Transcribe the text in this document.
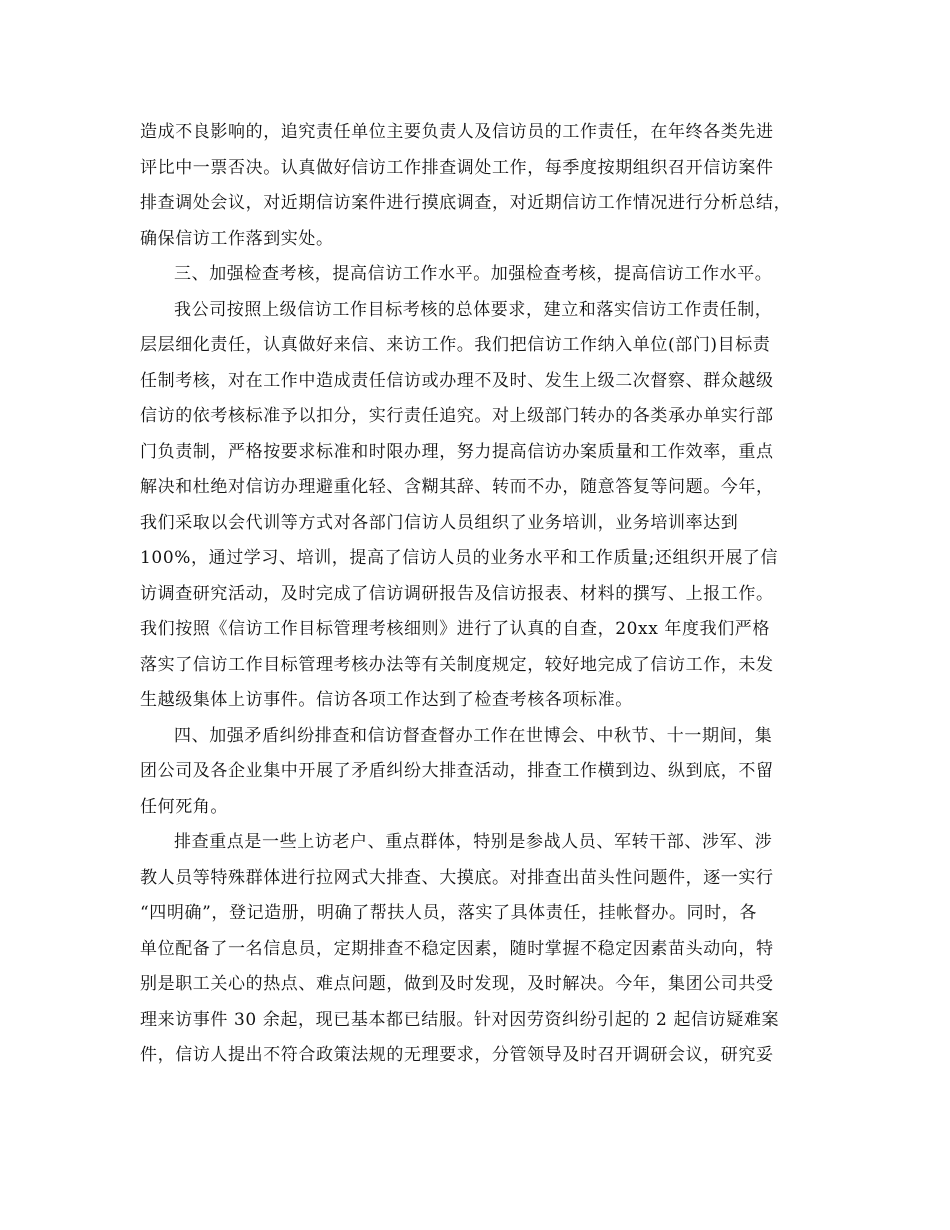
造成不良影响的，追究责任单位主要负责人及信访员的工作责任，在年终各类先进
评比中一票否决。认真做好信访工作排查调处工作，每季度按期组织召开信访案件
排查调处会议，对近期信访案件进行摸底调查，对近期信访工作情况进行分析总结，
确保信访工作落到实处。
三、加强检查考核，提高信访工作水平。加强检查考核，提高信访工作水平。
我公司按照上级信访工作目标考核的总体要求，建立和落实信访工作责任制，
层层细化责任，认真做好来信、来访工作。我们把信访工作纳入单位(部门)目标责
任制考核，对在工作中造成责任信访或办理不及时、发生上级二次督察、群众越级
信访的依考核标准予以扣分，实行责任追究。对上级部门转办的各类承办单实行部
门负责制，严格按要求标准和时限办理，努力提高信访办案质量和工作效率，重点
解决和杜绝对信访办理避重化轻、含糊其辞、转而不办，随意答复等问题。今年，
我们采取以会代训等方式对各部门信访人员组织了业务培训，业务培训率达到
100%，通过学习、培训，提高了信访人员的业务水平和工作质量;还组织开展了信
访调查研究活动，及时完成了信访调研报告及信访报表、材料的撰写、上报工作。
我们按照《信访工作目标管理考核细则》进行了认真的自查，20xx 年度我们严格
落实了信访工作目标管理考核办法等有关制度规定，较好地完成了信访工作，未发
生越级集体上访事件。信访各项工作达到了检查考核各项标准。
四、加强矛盾纠纷排查和信访督查督办工作在世博会、中秋节、十一期间，集
团公司及各企业集中开展了矛盾纠纷大排查活动，排查工作横到边、纵到底，不留
任何死角。
排查重点是一些上访老户、重点群体，特别是参战人员、军转干部、涉军、涉
教人员等特殊群体进行拉网式大排查、大摸底。对排查出苗头性问题件，逐一实行
“四明确”，登记造册，明确了帮扶人员，落实了具体责任，挂帐督办。同时，各
单位配备了一名信息员，定期排查不稳定因素，随时掌握不稳定因素苗头动向，特
别是职工关心的热点、难点问题，做到及时发现，及时解决。今年，集团公司共受
理来访事件 30 余起，现已基本都已结服。针对因劳资纠纷引起的 2 起信访疑难案
件，信访人提出不符合政策法规的无理要求，分管领导及时召开调研会议，研究妥
